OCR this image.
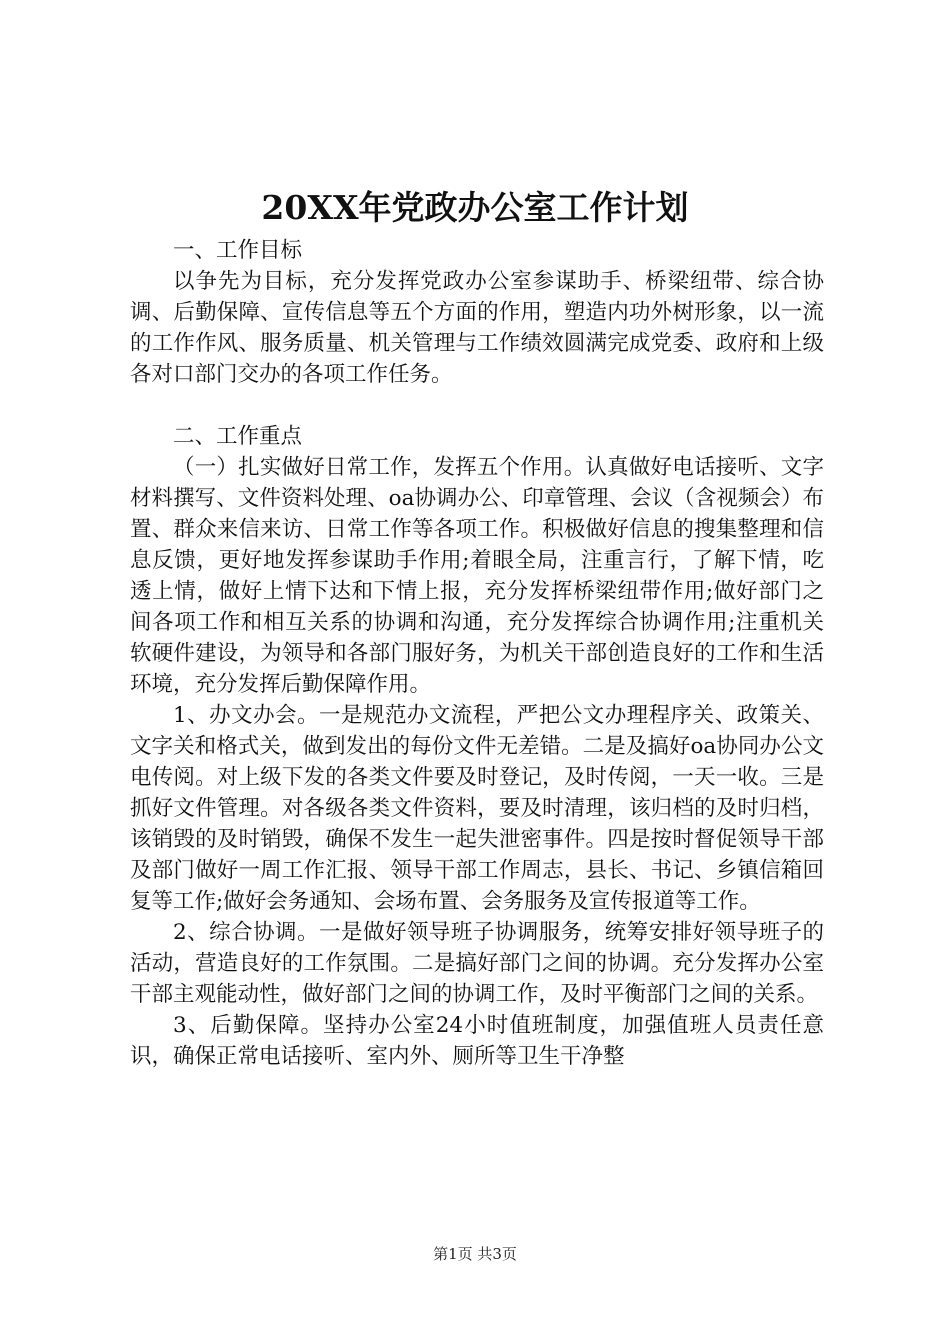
20XX年党政办公室工作计划

一、工作目标

以争先为目标，充分发挥党政办公室参谋助手、桥梁纽带、综合协调、后勤保障、宣传信息等五个方面的作用，塑造内功外树形象，以一流的工作作风、服务质量、机关管理与工作绩效圆满完成党委、政府和上级各对口部门交办的各项工作任务。

二、工作重点

（一）扎实做好日常工作，发挥五个作用。认真做好电话接听、文字材料撰写、文件资料处理、oa协调办公、印章管理、会议（含视频会）布置、群众来信来访、日常工作等各项工作。积极做好信息的搜集整理和信息反馈，更好地发挥参谋助手作用;着眼全局，注重言行，了解下情，吃透上情，做好上情下达和下情上报，充分发挥桥梁纽带作用;做好部门之间各项工作和相互关系的协调和沟通，充分发挥综合协调作用;注重机关软硬件建设，为领导和各部门服好务，为机关干部创造良好的工作和生活环境，充分发挥后勤保障作用。

1、办文办会。一是规范办文流程，严把公文办理程序关、政策关、文字关和格式关，做到发出的每份文件无差错。二是及搞好oa协同办公文电传阅。对上级下发的各类文件要及时登记，及时传阅，一天一收。三是抓好文件管理。对各级各类文件资料，要及时清理，该归档的及时归档，该销毁的及时销毁，确保不发生一起失泄密事件。四是按时督促领导干部及部门做好一周工作汇报、领导干部工作周志，县长、书记、乡镇信箱回复等工作;做好会务通知、会场布置、会务服务及宣传报道等工作。

2、综合协调。一是做好领导班子协调服务，统筹安排好领导班子的活动，营造良好的工作氛围。二是搞好部门之间的协调。充分发挥办公室干部主观能动性，做好部门之间的协调工作，及时平衡部门之间的关系。

3、后勤保障。坚持办公室24小时值班制度，加强值班人员责任意识，确保正常电话接听、室内外、厕所等卫生干净整

第1页 共3页
